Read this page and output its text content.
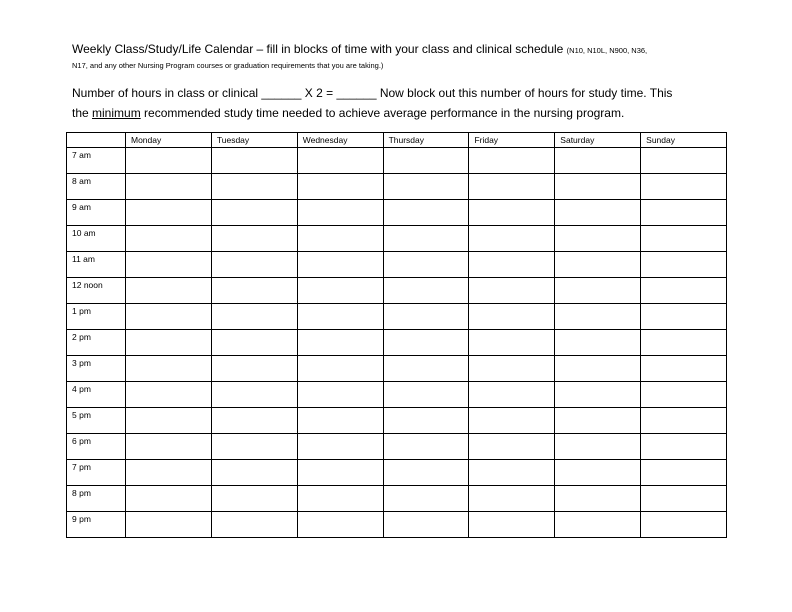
Weekly Class/Study/Life Calendar – fill in blocks of time with your class and clinical schedule (N10, N10L, N900, N36,
N17, and any other Nursing Program courses or graduation requirements that you are taking.)
Number of hours in class or clinical ______ X 2 = ______ Now block out this number of hours for study time. This
the minimum recommended study time needed to achieve average performance in the nursing program.
	Monday	Tuesday	Wednesday	Thursday	Friday	Saturday	Sunday
7 am							
8 am							
9 am							
10 am							
11 am							
12 noon							
1 pm							
2 pm							
3 pm							
4 pm							
5 pm							
6 pm							
7 pm							
8 pm							
9 pm							
